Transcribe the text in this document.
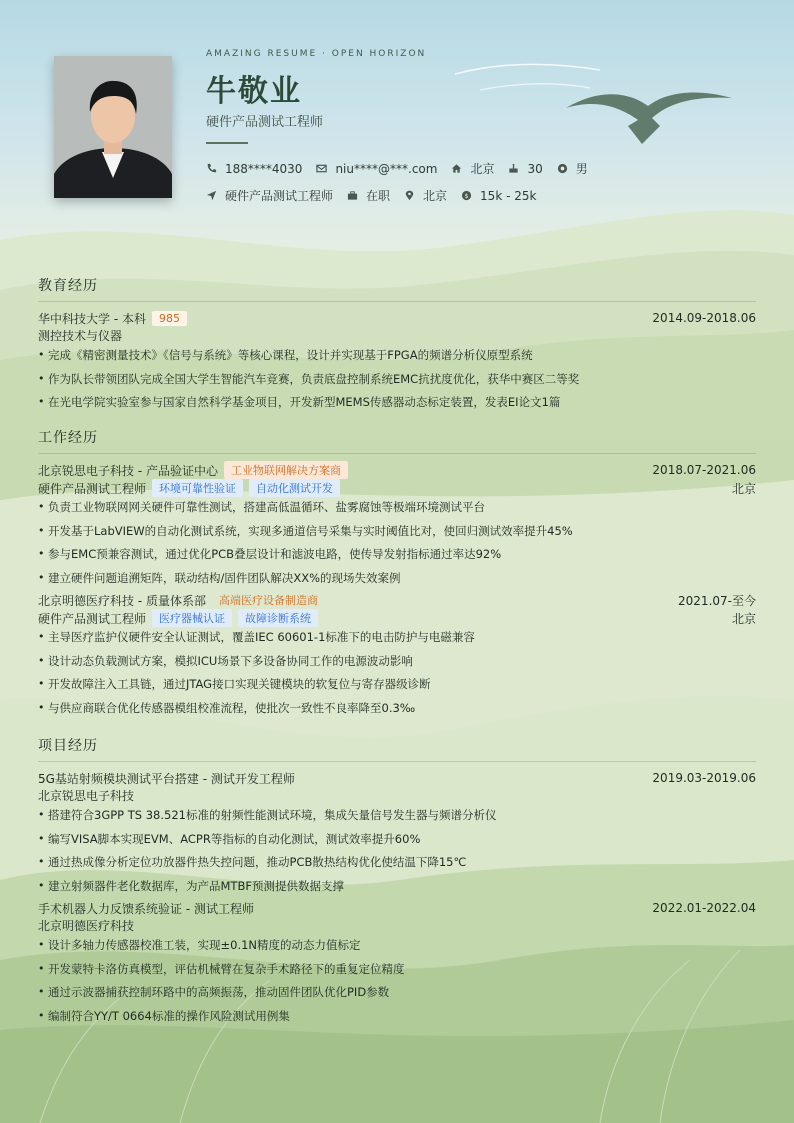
AMAZING RESUME · OPEN HORIZON
牛敬业
硬件产品测试工程师
188****4030	niu****@***.com	北京	30	男
硬件产品测试工程师	在职	北京 $ 15k - 25k
教育经历
华中科技大学 - 本科	985	2014.09-2018.06
测控技术与仪器
• 完成《精密测量技术》《信号与系统》等核心课程，设计并实现基于FPGA的频谱分析仪原型系统
• 作为队长带领团队完成全国大学生智能汽车竞赛，负责底盘控制系统EMC抗扰度优化，获华中赛区二等奖
• 在光电学院实验室参与国家自然科学基金项目，开发新型MEMS传感器动态标定装置，发表EI论文1篇
工作经历
北京锐思电子科技 - 产品验证中心	工业物联网解决方案商	2018.07-2021.06
硬件产品测试工程师	环境可靠性验证	自动化测试开发	北京
• 负责工业物联网网关硬件可靠性测试，搭建高低温循环、盐雾腐蚀等极端环境测试平台
• 开发基于LabVIEW的自动化测试系统，实现多通道信号采集与实时阈值比对，使回归测试效率提升45%
• 参与EMC预兼容测试，通过优化PCB叠层设计和滤波电路，使传导发射指标通过率达92%
• 建立硬件问题追溯矩阵，联动结构/固件团队解决XX%的现场失效案例
北京明德医疗科技 - 质量体系部	高端医疗设备制造商	2021.07-至今
硬件产品测试工程师	医疗器械认证	故障诊断系统	北京
• 主导医疗监护仪硬件安全认证测试，覆盖IEC 60601-1标准下的电击防护与电磁兼容
• 设计动态负载测试方案，模拟ICU场景下多设备协同工作的电源波动影响
• 开发故障注入工具链，通过JTAG接口实现关键模块的软复位与寄存器级诊断
• 与供应商联合优化传感器模组校准流程，使批次一致性不良率降至0.3‰
项目经历
5G基站射频模块测试平台搭建 - 测试开发工程师	2019.03-2019.06
北京锐思电子科技
• 搭建符合3GPP TS 38.521标准的射频性能测试环境，集成矢量信号发生器与频谱分析仪
• 编写VISA脚本实现EVM、ACPR等指标的自动化测试，测试效率提升60%
• 通过热成像分析定位功放器件热失控问题，推动PCB散热结构优化使结温下降15℃
• 建立射频器件老化数据库，为产品MTBF预测提供数据支撑
手术机器人力反馈系统验证 - 测试工程师	2022.01-2022.04
北京明德医疗科技
• 设计多轴力传感器校准工装，实现±0.1N精度的动态力值标定
• 开发蒙特卡洛仿真模型，评估机械臂在复杂手术路径下的重复定位精度
• 通过示波器捕获控制环路中的高频振荡，推动固件团队优化PID参数
• 编制符合YY/T 0664标准的操作风险测试用例集
